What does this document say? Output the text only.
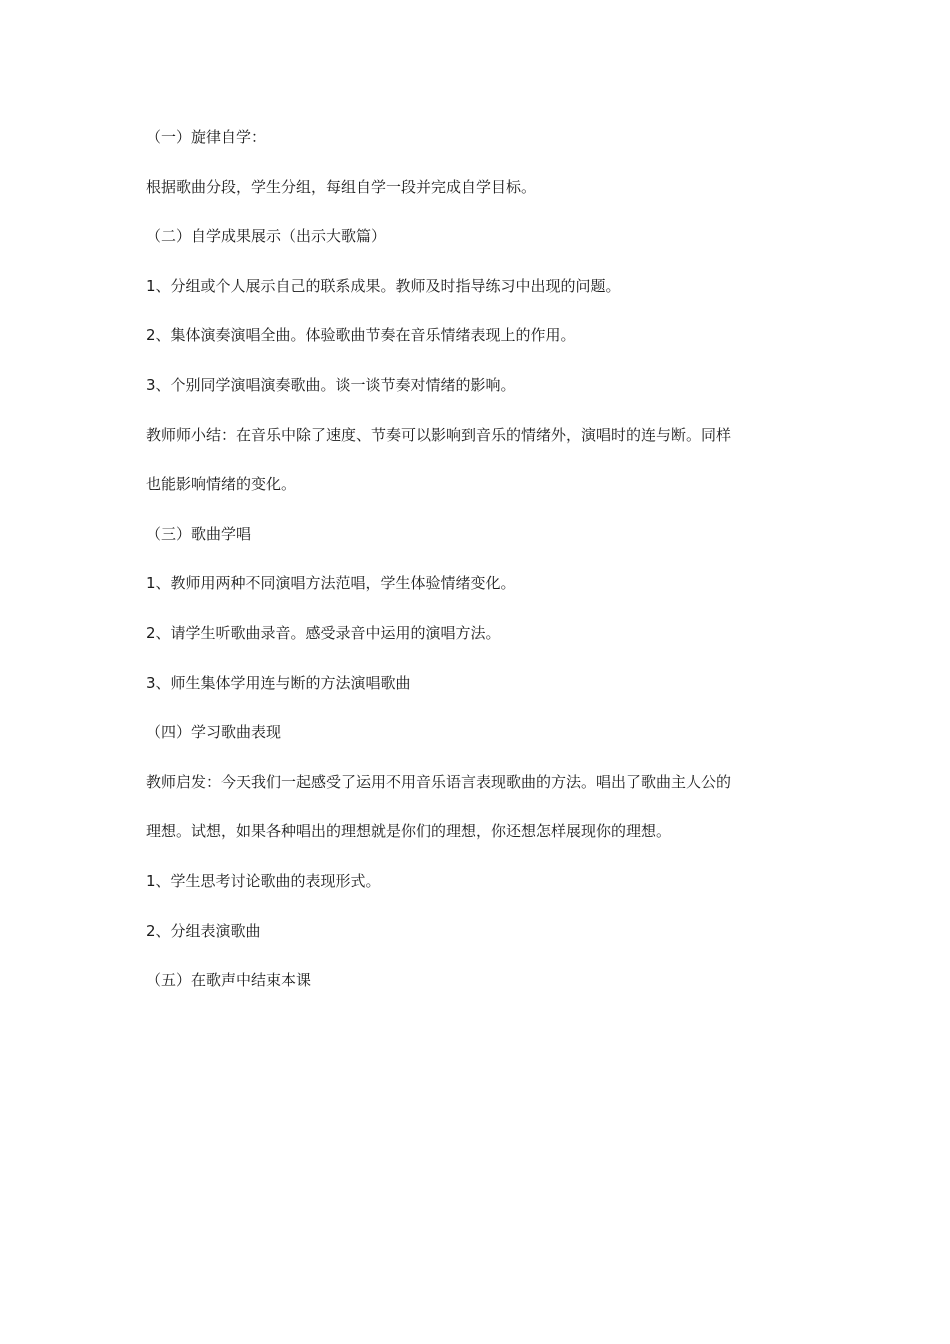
（一）旋律自学：
根据歌曲分段，学生分组，每组自学一段并完成自学目标。
（二）自学成果展示（出示大歌篇）
1、分组或个人展示自己的联系成果。教师及时指导练习中出现的问题。
2、集体演奏演唱全曲。体验歌曲节奏在音乐情绪表现上的作用。
3、个别同学演唱演奏歌曲。谈一谈节奏对情绪的影响。
教师师小结：在音乐中除了速度、节奏可以影响到音乐的情绪外，演唱时的连与断。同样
也能影响情绪的变化。
（三）歌曲学唱
1、教师用两种不同演唱方法范唱，学生体验情绪变化。
2、请学生听歌曲录音。感受录音中运用的演唱方法。
3、师生集体学用连与断的方法演唱歌曲
（四）学习歌曲表现
教师启发：今天我们一起感受了运用不用音乐语言表现歌曲的方法。唱出了歌曲主人公的
理想。试想，如果各种唱出的理想就是你们的理想，你还想怎样展现你的理想。
1、学生思考讨论歌曲的表现形式。
2、分组表演歌曲
（五）在歌声中结束本课
